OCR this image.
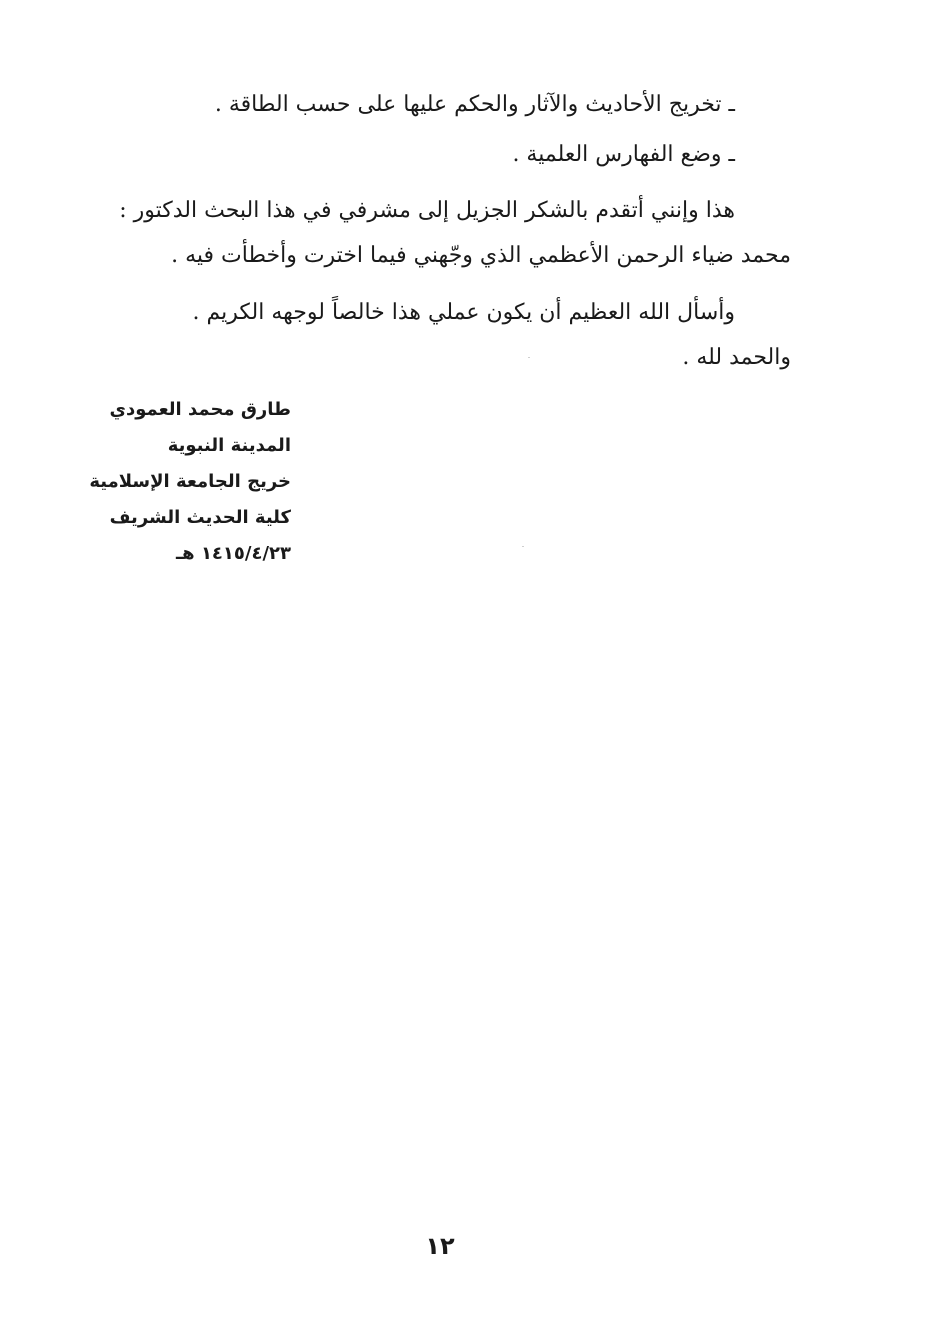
ـ تخريج الأحاديث والآثار والحكم عليها على حسب الطاقة .
ـ وضع الفهارس العلمية .
هذا وإنني أتقدم بالشكر الجزيل إلى مشرفي في هذا البحث الدكتور :
محمد ضياء الرحمن الأعظمي الذي وجّهني فيما اخترت وأخطأت فيه .
وأسأل الله العظيم أن يكون عملي هذا خالصاً لوجهه الكريم .
والحمد لله .
طارق محمد العمودي
المدينة النبوية
خريج الجامعة الإسلامية
كلية الحديث الشريف
١٤١٥/٤/٢٣ هـ
١٢
